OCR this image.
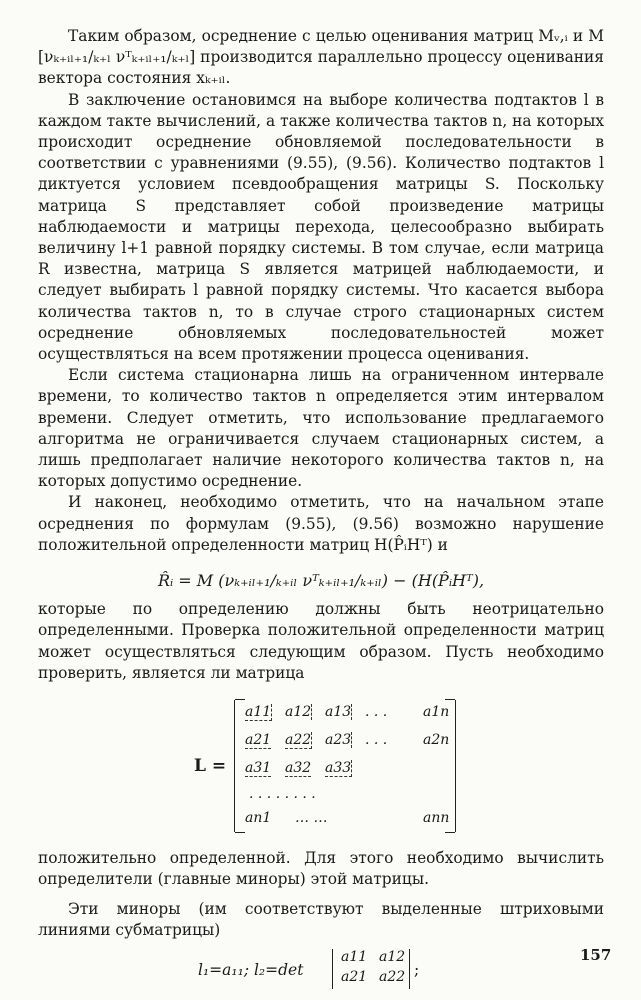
Таким образом, осреднение с целью оценивания матриц Mᵥ,ᵢ и M [νₖ₊ᵢₗ₊₁/ₖ₊ₗ νᵀₖ₊ᵢₗ₊₁/ₖ₊ₗ] производится параллельно процессу оценивания вектора состояния xₖ₊ᵢₗ.

В заключение остановимся на выборе количества подтактов l в каждом такте вычислений, а также количества тактов n, на которых происходит осреднение обновляемой последовательности в соответствии с уравнениями (9.55), (9.56). Количество подтактов l диктуется условием псевдообращения матрицы S. Поскольку матрица S представляет собой произведение матрицы наблюдаемости и матрицы перехода, целесообразно выбирать величину l+1 равной порядку системы. В том случае, если матрица R известна, матрица S является матрицей наблюдаемости, и следует выбирать l равной порядку системы. Что касается выбора количества тактов n, то в случае строго стационарных систем осреднение обновляемых последовательностей может осуществляться на всем протяжении процесса оценивания.

Если система стационарна лишь на ограниченном интервале времени, то количество тактов n определяется этим интервалом времени. Следует отметить, что использование предлагаемого алгоритма не ограничивается случаем стационарных систем, а лишь предполагает наличие некоторого количества тактов n, на которых допустимо осреднение.

И наконец, необходимо отметить, что на начальном этапе осреднения по формулам (9.55), (9.56) возможно нарушение положительной определенности матриц H(P̂ᵢHᵀ) и

R̂ᵢ = M (νₖ₊ᵢₗ₊₁/ₖ₊ᵢₗ νᵀₖ₊ᵢₗ₊₁/ₖ₊ᵢₗ) − (H(P̂ᵢHᵀ),

которые по определению должны быть неотрицательно определенными. Проверка положительной определенности матриц может осуществляться следующим образом. Пусть необходимо проверить, является ли матрица

L =
a11 a12 a13 . . .	a1n
a21 a22 a23 . . .	a2n
a31 a32 a33
. . . . . . . .
an1 … …	ann

положительно определенной. Для этого необходимо вычислить определители (главные миноры) этой матрицы.

Эти миноры (им соответствуют выделенные штриховыми линиями субматрицы)

l₁=a₁₁; l₂=det
a11 a12
a21 a22 ;
157
